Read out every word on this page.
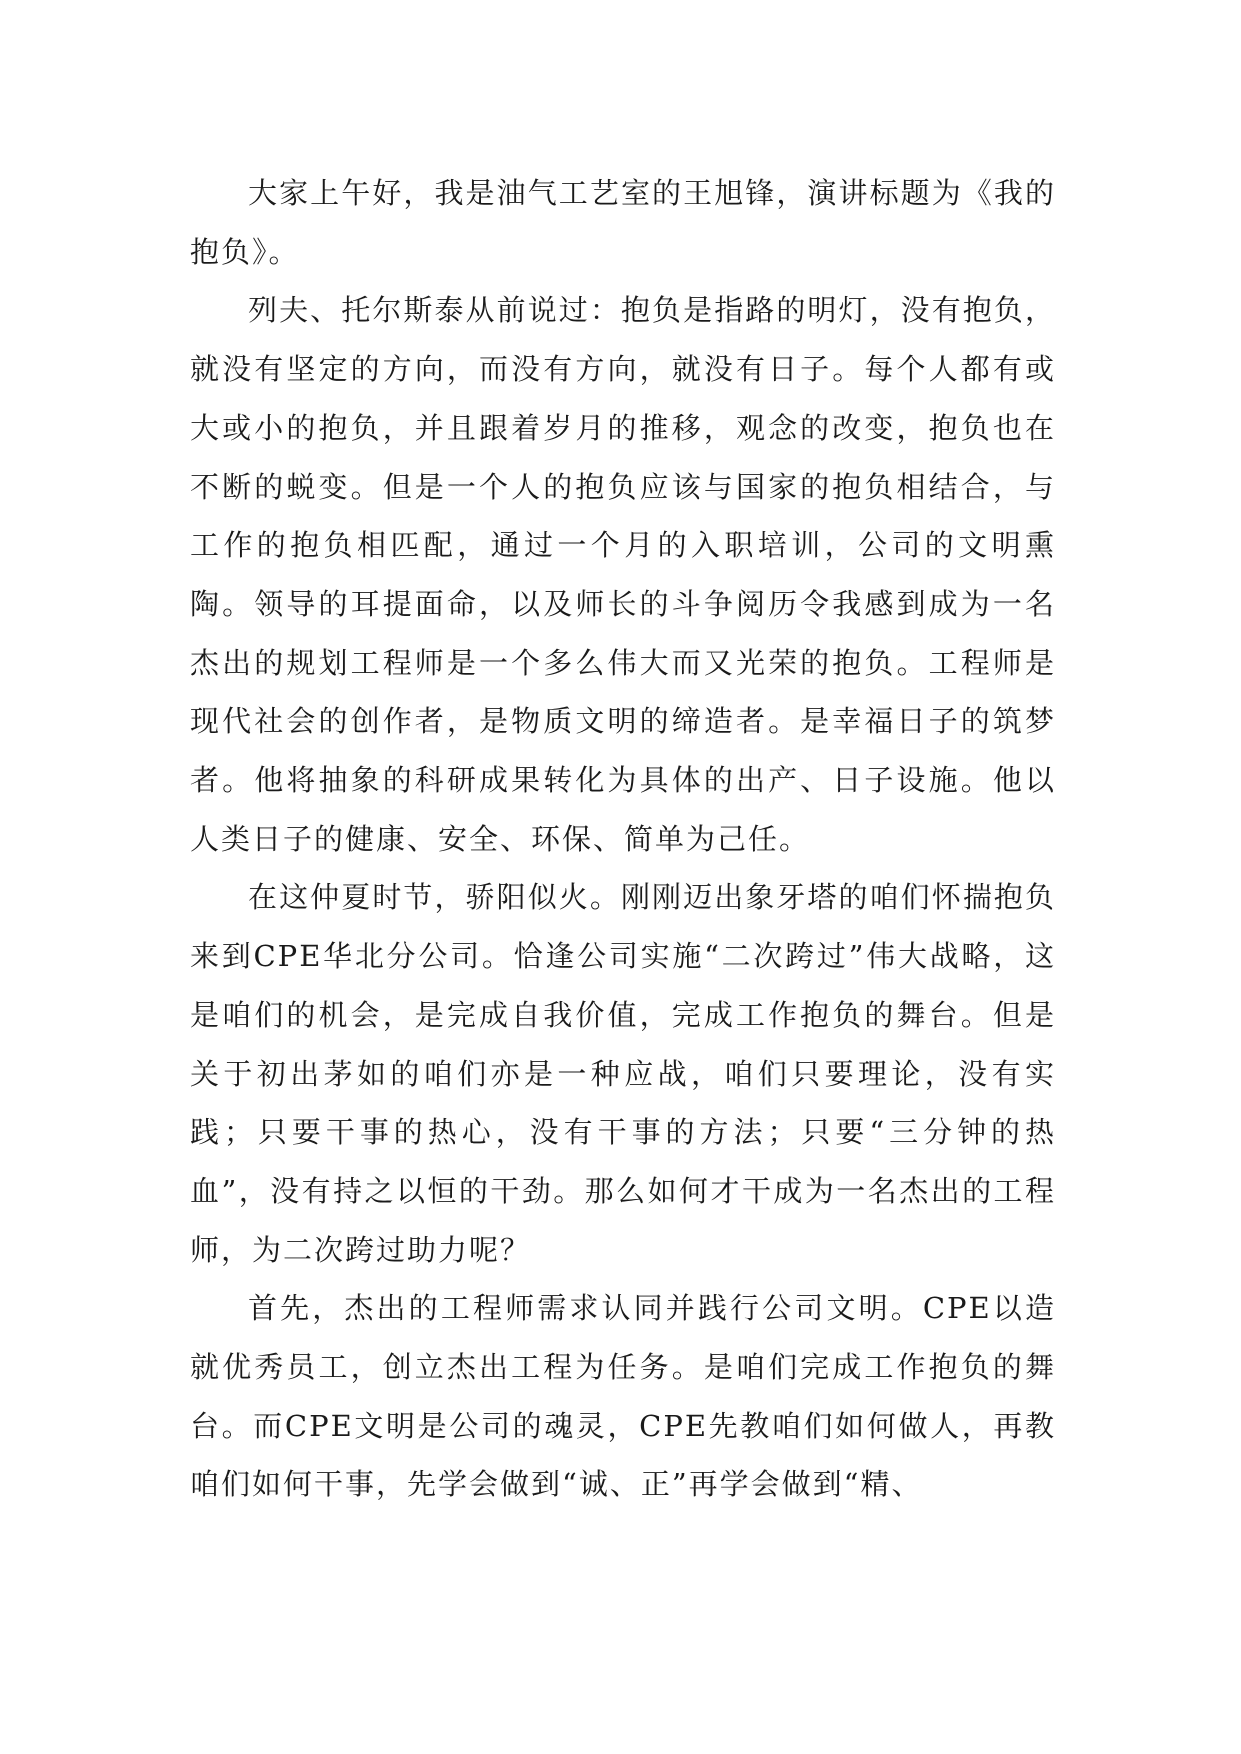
大家上午好，我是油气工艺室的王旭锋，演讲标题为《我的抱负》。

列夫、托尔斯泰从前说过：抱负是指路的明灯，没有抱负，就没有坚定的方向，而没有方向，就没有日子。每个人都有或大或小的抱负，并且跟着岁月的推移，观念的改变，抱负也在不断的蜕变。但是一个人的抱负应该与国家的抱负相结合，与工作的抱负相匹配，通过一个月的入职培训，公司的文明熏陶。领导的耳提面命，以及师长的斗争阅历令我感到成为一名杰出的规划工程师是一个多么伟大而又光荣的抱负。工程师是现代社会的创作者，是物质文明的缔造者。是幸福日子的筑梦者。他将抽象的科研成果转化为具体的出产、日子设施。他以人类日子的健康、安全、环保、简单为己任。

在这仲夏时节，骄阳似火。刚刚迈出象牙塔的咱们怀揣抱负来到CPE华北分公司。恰逢公司实施“二次跨过”伟大战略，这是咱们的机会，是完成自我价值，完成工作抱负的舞台。但是关于初出茅如的咱们亦是一种应战，咱们只要理论，没有实践；只要干事的热心，没有干事的方法；只要“三分钟的热血”，没有持之以恒的干劲。那么如何才干成为一名杰出的工程师，为二次跨过助力呢？

首先，杰出的工程师需求认同并践行公司文明。CPE以造就优秀员工，创立杰出工程为任务。是咱们完成工作抱负的舞台。而CPE文明是公司的魂灵，CPE先教咱们如何做人，再教咱们如何干事，先学会做到“诚、正”再学会做到“精、
